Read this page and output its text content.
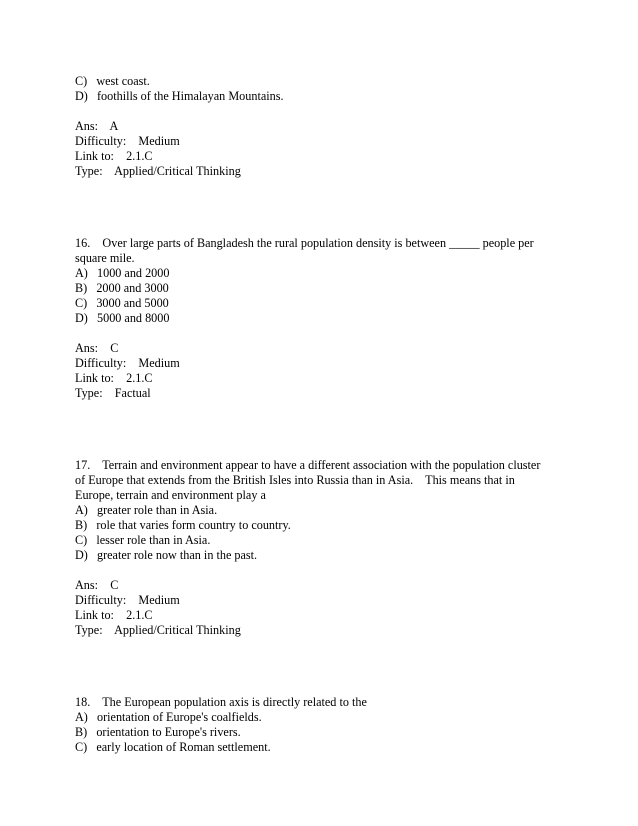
C)   west coast.
D)   foothills of the Himalayan Mountains.
Ans:    A
Difficulty:    Medium
Link to:    2.1.C
Type:    Applied/Critical Thinking
16.    Over large parts of Bangladesh the rural population density is between _____ people per
square mile.
A)   1000 and 2000
B)   2000 and 3000
C)   3000 and 5000
D)   5000 and 8000
Ans:    C
Difficulty:    Medium
Link to:    2.1.C
Type:    Factual
17.    Terrain and environment appear to have a different association with the population cluster
of Europe that extends from the British Isles into Russia than in Asia.    This means that in
Europe, terrain and environment play a
A)   greater role than in Asia.
B)   role that varies form country to country.
C)   lesser role than in Asia.
D)   greater role now than in the past.
Ans:    C
Difficulty:    Medium
Link to:    2.1.C
Type:    Applied/Critical Thinking
18.    The European population axis is directly related to the
A)   orientation of Europe's coalfields.
B)   orientation to Europe's rivers.
C)   early location of Roman settlement.
